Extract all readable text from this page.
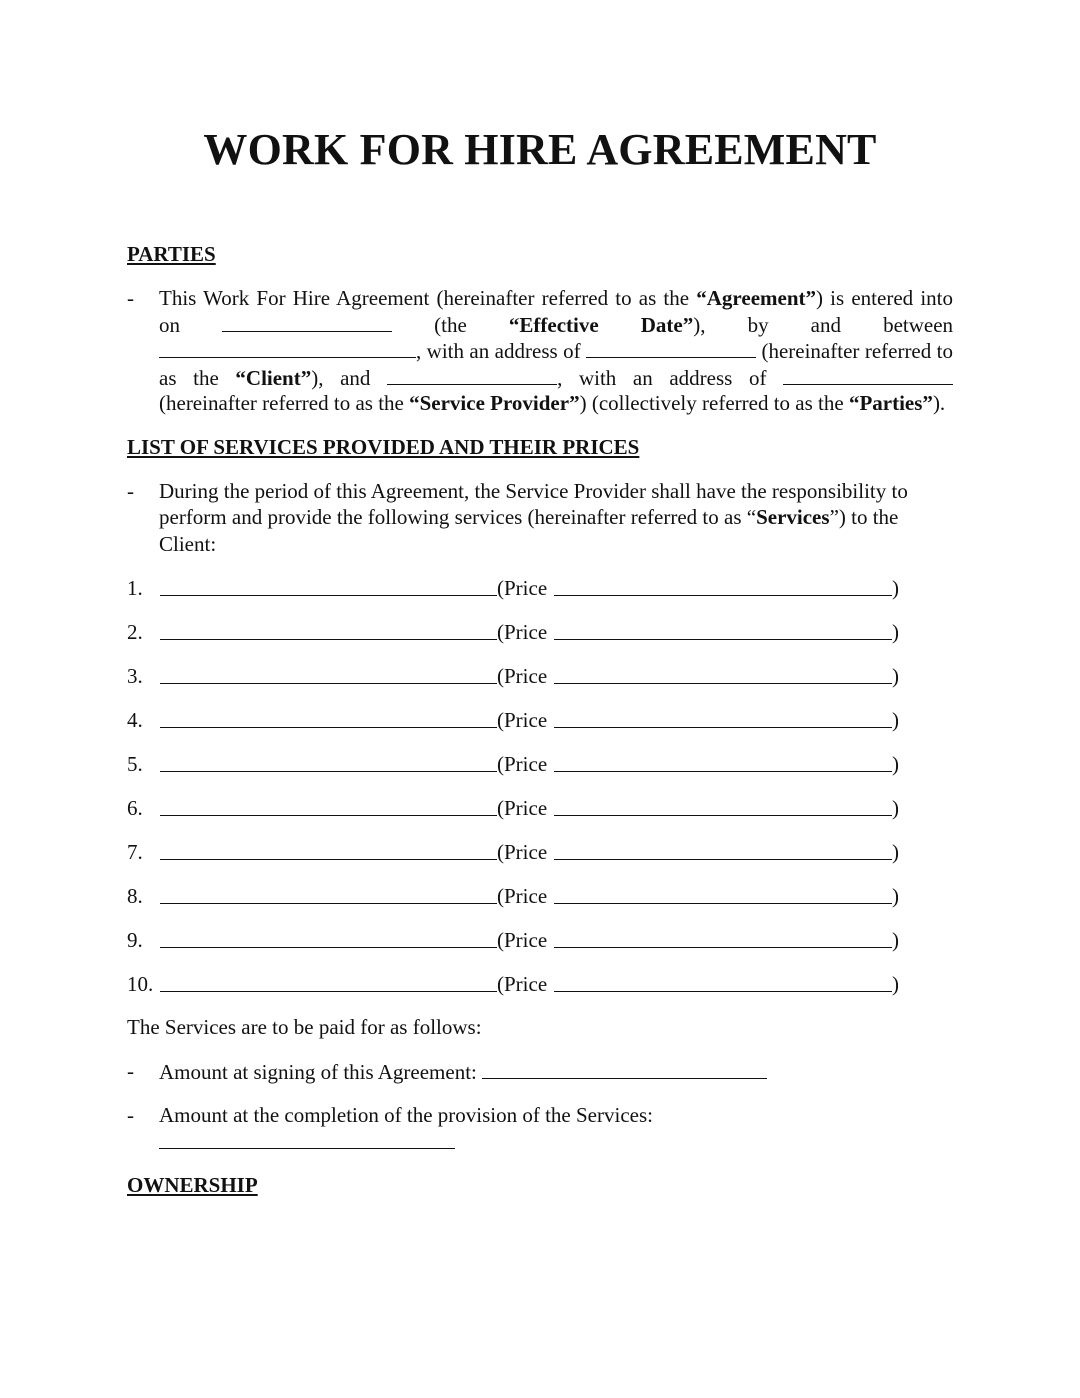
WORK FOR HIRE AGREEMENT
PARTIES
- This Work For Hire Agreement (hereinafter referred to as the “Agreement”) is entered into
on	(the “Effective Date”), by and between
, with an address of	(hereinafter referred to
as the “Client”), and	, with an address of
(hereinafter referred to as the “Service Provider”) (collectively referred to as the “Parties”).
LIST OF SERVICES PROVIDED AND THEIR PRICES
- During the period of this Agreement, the Service Provider shall have the responsibility to
perform and provide the following services (hereinafter referred to as “Services”) to the
Client:
1.	(Price	)
2.	(Price	)
3.	(Price	)
4.	(Price	)
5.	(Price	)
6.	(Price	)
7.	(Price	)
8.	(Price	)
9.	(Price	)
10.	(Price	)
The Services are to be paid for as follows:
- Amount at signing of this Agreement:
- Amount at the completion of the provision of the Services:
OWNERSHIP
